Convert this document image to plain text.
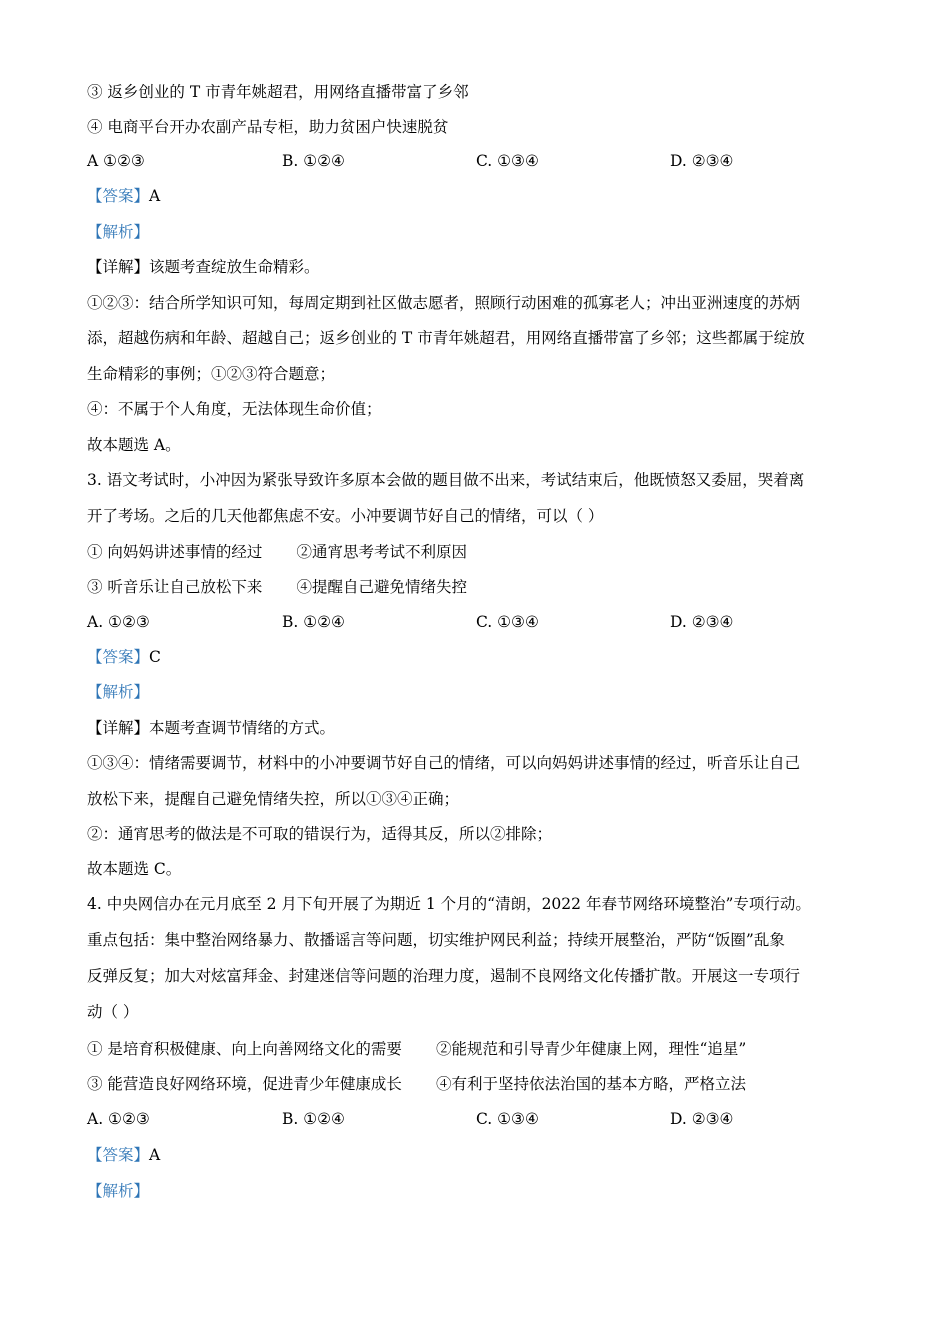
③ 返乡创业的 T 市青年姚超君，用网络直播带富了乡邻
④ 电商平台开办农副产品专柜，助力贫困户快速脱贫
A ①②③	B. ①②④	C. ①③④	D. ②③④
【答案】A
【解析】
【详解】该题考查绽放生命精彩。
①②③：结合所学知识可知，每周定期到社区做志愿者，照顾行动困难的孤寡老人；冲出亚洲速度的苏炳
添，超越伤病和年龄、超越自己；返乡创业的 T 市青年姚超君，用网络直播带富了乡邻；这些都属于绽放
生命精彩的事例；①②③符合题意；
④：不属于个人角度，无法体现生命价值；
故本题选 A。
3. 语文考试时，小冲因为紧张导致许多原本会做的题目做不出来，考试结束后，他既愤怒又委屈，哭着离
开了考场。之后的几天他都焦虑不安。小冲要调节好自己的情绪，可以（ ）
① 向妈妈讲述事情的经过 ②通宵思考考试不利原因
③ 听音乐让自己放松下来 ④提醒自己避免情绪失控
A. ①②③	B. ①②④	C. ①③④	D. ②③④
【答案】C
【解析】
【详解】本题考查调节情绪的方式。
①③④：情绪需要调节，材料中的小冲要调节好自己的情绪，可以向妈妈讲述事情的经过，听音乐让自己
放松下来，提醒自己避免情绪失控，所以①③④正确；
②：通宵思考的做法是不可取的错误行为，适得其反，所以②排除；
故本题选 C。
4. 中央网信办在元月底至 2 月下旬开展了为期近 1 个月的“清朗，2022 年春节网络环境整治”专项行动。
重点包括：集中整治网络暴力、散播谣言等问题，切实维护网民利益；持续开展整治，严防“饭圈”乱象
反弹反复；加大对炫富拜金、封建迷信等问题的治理力度，遏制不良网络文化传播扩散。开展这一专项行
动（ ）
① 是培育积极健康、向上向善网络文化的需要 ②能规范和引导青少年健康上网，理性“追星”
③ 能营造良好网络环境，促进青少年健康成长 ④有利于坚持依法治国的基本方略，严格立法
A. ①②③	B. ①②④	C. ①③④	D. ②③④
【答案】A
【解析】
